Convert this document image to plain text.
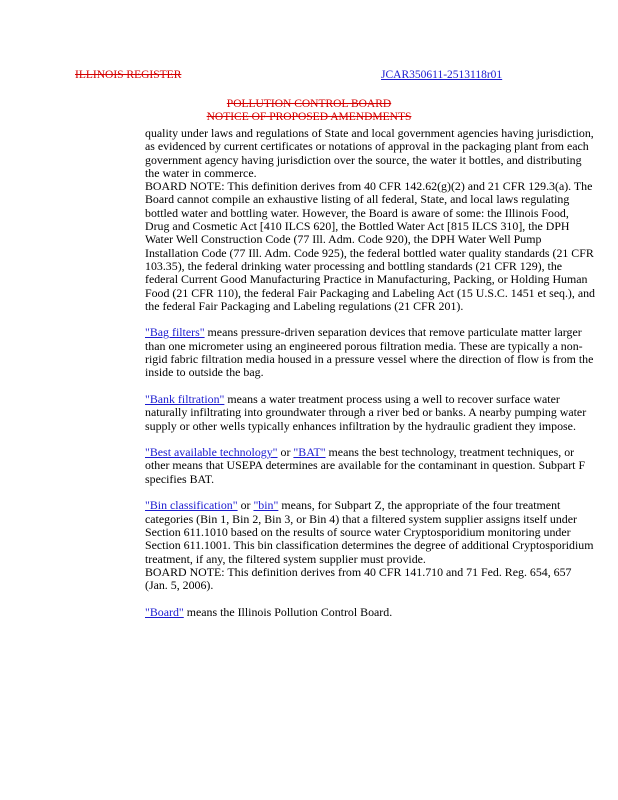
ILLINOIS REGISTER	JCAR350611-2513118r01
POLLUTION CONTROL BOARD
NOTICE OF PROPOSED AMENDMENTS

quality under laws and regulations of State and local government agencies having jurisdiction, as evidenced by current certificates or notations of approval in the packaging plant from each government agency having jurisdiction over the source, the water it bottles, and distributing the water in commerce.

BOARD NOTE: This definition derives from 40 CFR 142.62(g)(2) and 21 CFR 129.3(a). The Board cannot compile an exhaustive listing of all federal, State, and local laws regulating bottled water and bottling water. However, the Board is aware of some: the Illinois Food, Drug and Cosmetic Act [410 ILCS 620], the Bottled Water Act [815 ILCS 310], the DPH Water Well Construction Code (77 Ill. Adm. Code 920), the DPH Water Well Pump Installation Code (77 Ill. Adm. Code 925), the federal bottled water quality standards (21 CFR 103.35), the federal drinking water processing and bottling standards (21 CFR 129), the federal Current Good Manufacturing Practice in Manufacturing, Packing, or Holding Human Food (21 CFR 110), the federal Fair Packaging and Labeling Act (15 U.S.C. 1451 et seq.), and the federal Fair Packaging and Labeling regulations (21 CFR 201).

"Bag filters" means pressure-driven separation devices that remove particulate matter larger than one micrometer using an engineered porous filtration media. These are typically a non-rigid fabric filtration media housed in a pressure vessel where the direction of flow is from the inside to outside the bag.

"Bank filtration" means a water treatment process using a well to recover surface water naturally infiltrating into groundwater through a river bed or banks. A nearby pumping water supply or other wells typically enhances infiltration by the hydraulic gradient they impose.

"Best available technology" or "BAT" means the best technology, treatment techniques, or other means that USEPA determines are available for the contaminant in question. Subpart F specifies BAT.

"Bin classification" or "bin" means, for Subpart Z, the appropriate of the four treatment categories (Bin 1, Bin 2, Bin 3, or Bin 4) that a filtered system supplier assigns itself under Section 611.1010 based on the results of source water Cryptosporidium monitoring under Section 611.1001. This bin classification determines the degree of additional Cryptosporidium treatment, if any, the filtered system supplier must provide.

BOARD NOTE: This definition derives from 40 CFR 141.710 and 71 Fed. Reg. 654, 657 (Jan. 5, 2006).

"Board" means the Illinois Pollution Control Board.
